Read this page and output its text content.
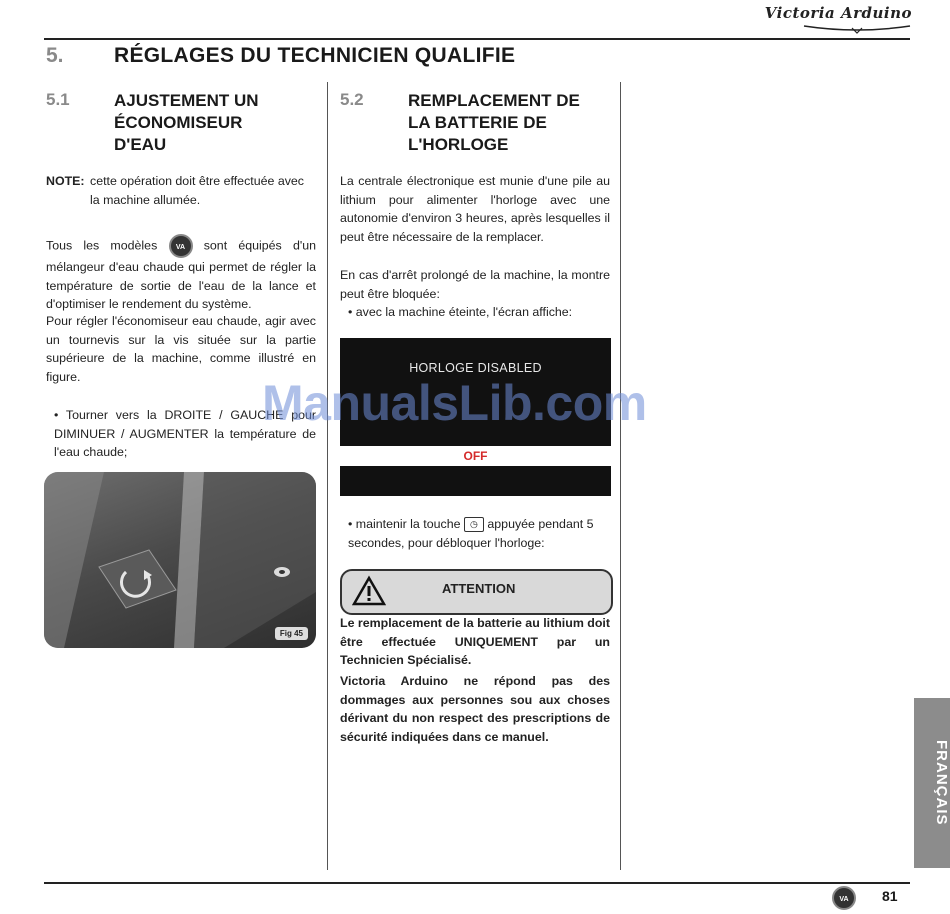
Victoria Arduino
5. RÉGLAGES DU TECHNICIEN QUALIFIE
5.1	AJUSTEMENT UN
ÉCONOMISEUR
D'EAU
NOTE: cette opération doit être effectuée avec la machine allumée.
Tous les modèles	VA sont équipés d'un mélangeur d'eau chaude qui permet de régler la température de sortie de l'eau de la lance et d'optimiser le rendement du système.
Pour régler l'économiseur eau chaude, agir avec un tournevis sur la vis située sur la partie supérieure de la machine, comme illustré en figure.
• Tourner vers la DROITE / GAUCHE pour DIMINUER / AUGMENTER la température de l'eau chaude;
Fig 45
5.2	REMPLACEMENT DE
LA BATTERIE DE
L'HORLOGE
La centrale électronique est munie d'une pile au lithium pour alimenter l'horloge avec une autonomie d'environ 3 heures, après lesquelles il peut être nécessaire de la remplacer.
En cas d'arrêt prolongé de la machine, la montre peut être bloquée:
• avec la machine éteinte, l'écran affiche:
HORLOGE DISABLED
OFF
• maintenir la touche ◷ appuyée pendant 5 secondes, pour débloquer l'horloge:
ATTENTION
Le remplacement de la batterie au lithium doit être effectuée UNIQUEMENT par un Technicien Spécialisé.
Victoria Arduino ne répond pas des dommages aux personnes sou aux choses dérivant du non respect des prescriptions de sécurité indiquées dans ce manuel.
ManualsLib.com
FRANÇAIS
VA	81
